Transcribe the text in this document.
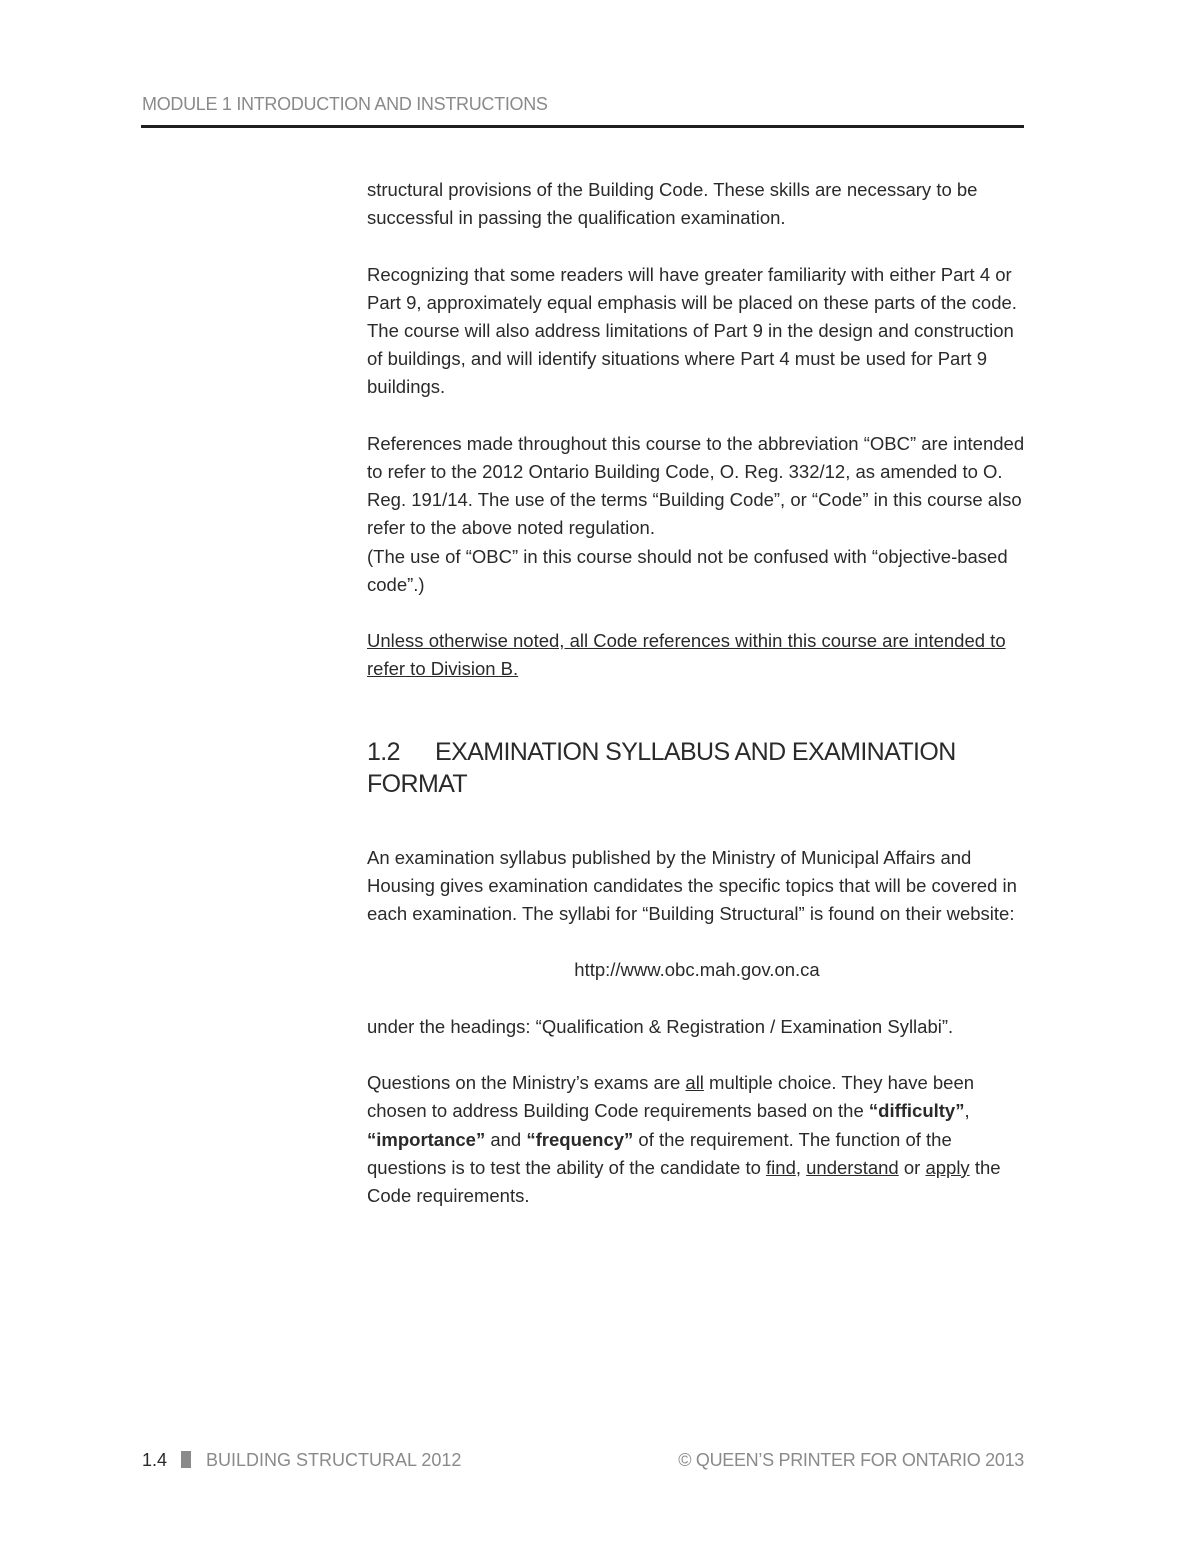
MODULE 1 INTRODUCTION AND INSTRUCTIONS

structural provisions of the Building Code. These skills are necessary to be successful in passing the qualification examination.

Recognizing that some readers will have greater familiarity with either Part 4 or Part 9, approximately equal emphasis will be placed on these parts of the code. The course will also address limitations of Part 9 in the design and construction of buildings, and will identify situations where Part 4 must be used for Part 9 buildings.

References made throughout this course to the abbreviation “OBC” are intended to refer to the 2012 Ontario Building Code, O. Reg. 332/12, as amended to O. Reg. 191/14. The use of the terms “Building Code”, or “Code” in this course also refer to the above noted regulation.
(The use of “OBC” in this course should not be confused with “objective-based code”.)

Unless otherwise noted, all Code references within this course are intended to refer to Division B.

1.2 EXAMINATION SYLLABUS AND EXAMINATION FORMAT

An examination syllabus published by the Ministry of Municipal Affairs and Housing gives examination candidates the specific topics that will be covered in each examination. The syllabi for “Building Structural” is found on their website:

http://www.obc.mah.gov.on.ca

under the headings: “Qualification & Registration / Examination Syllabi”.

Questions on the Ministry’s exams are all multiple choice. They have been chosen to address Building Code requirements based on the “difficulty”, “importance” and “frequency” of the requirement. The function of the questions is to test the ability of the candidate to find, understand or apply the Code requirements.

1.4 BUILDING STRUCTURAL 2012	© QUEEN’S PRINTER FOR ONTARIO 2013
